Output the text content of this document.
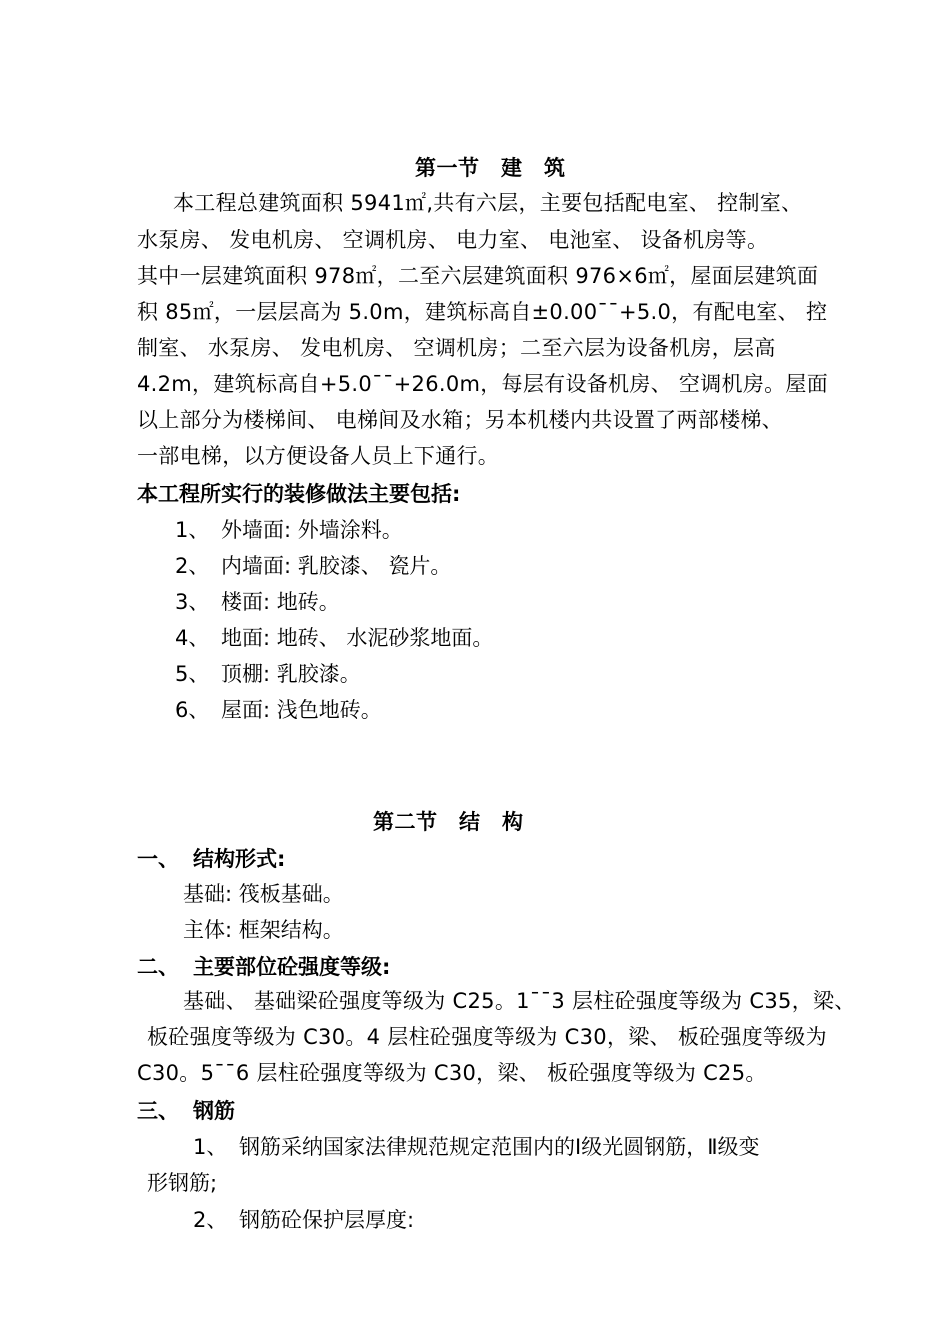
第一节　建　筑
本工程总建筑面积 5941㎡,共有六层，主要包括配电室、 控制室、
水泵房、 发电机房、 空调机房、 电力室、 电池室、 设备机房等。
其中一层建筑面积 978㎡，二至六层建筑面积 976×6㎡，屋面层建筑面
积 85㎡，一层层高为 5.0m，建筑标高自±0.00¯¯+5.0，有配电室、 控
制室、 水泵房、 发电机房、 空调机房；二至六层为设备机房，层高
4.2m，建筑标高自+5.0¯¯+26.0m，每层有设备机房、 空调机房。屋面
以上部分为楼梯间、 电梯间及水箱；另本机楼内共设置了两部楼梯、
一部电梯，以方便设备人员上下通行。
本工程所实行的装修做法主要包括:
1、 外墙面: 外墙涂料。
2、 内墙面: 乳胶漆、 瓷片。
3、 楼面: 地砖。
4、 地面: 地砖、 水泥砂浆地面。
5、 顶棚: 乳胶漆。
6、 屋面: 浅色地砖。
第二节　结　构
一、 结构形式:
基础: 筏板基础。
主体: 框架结构。
二、 主要部位砼强度等级:
基础、 基础梁砼强度等级为 C25。1¯¯3 层柱砼强度等级为 C35，梁、
板砼强度等级为 C30。4 层柱砼强度等级为 C30，梁、 板砼强度等级为
C30。5¯¯6 层柱砼强度等级为 C30，梁、 板砼强度等级为 C25。
三、 钢筋
1、 钢筋采纳国家法律规范规定范围内的Ⅰ级光圆钢筋，Ⅱ级变
形钢筋;
2、 钢筋砼保护层厚度:
